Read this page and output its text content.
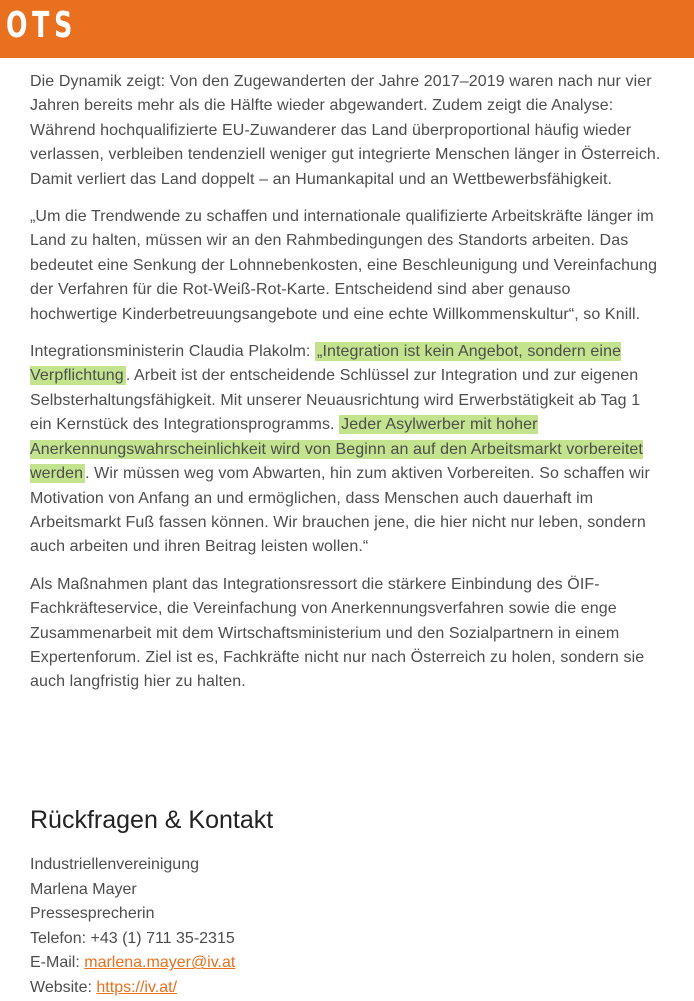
OTS

Die Dynamik zeigt: Von den Zugewanderten der Jahre 2017–2019 waren nach nur vier Jahren bereits mehr als die Hälfte wieder abgewandert. Zudem zeigt die Analyse: Während hochqualifizierte EU-Zuwanderer das Land überproportional häufig wieder verlassen, verbleiben tendenziell weniger gut integrierte Menschen länger in Österreich. Damit verliert das Land doppelt – an Humankapital und an Wettbewerbsfähigkeit.

„Um die Trendwende zu schaffen und internationale qualifizierte Arbeitskräfte länger im Land zu halten, müssen wir an den Rahmbedingungen des Standorts arbeiten. Das bedeutet eine Senkung der Lohnnebenkosten, eine Beschleunigung und Vereinfachung der Verfahren für die Rot-Weiß-Rot-Karte. Entscheidend sind aber genauso hochwertige Kinderbetreuungsangebote und eine echte Willkommenskultur“, so Knill.

Integrationsministerin Claudia Plakolm: „Integration ist kein Angebot, sondern eine Verpflichtung . Arbeit ist der entscheidende Schlüssel zur Integration und zur eigenen Selbsterhaltungsfähigkeit. Mit unserer Neuausrichtung wird Erwerbstätigkeit ab Tag 1 ein Kernstück des Integrationsprogramms. Jeder Asylwerber mit hoher Anerkennungswahrscheinlichkeit wird von Beginn an auf den Arbeitsmarkt vorbereitet werden . Wir müssen weg vom Abwarten, hin zum aktiven Vorbereiten. So schaffen wir Motivation von Anfang an und ermöglichen, dass Menschen auch dauerhaft im Arbeitsmarkt Fuß fassen können. Wir brauchen jene, die hier nicht nur leben, sondern auch arbeiten und ihren Beitrag leisten wollen.“

Als Maßnahmen plant das Integrationsressort die stärkere Einbindung des ÖIF-Fachkräfteservice, die Vereinfachung von Anerkennungsverfahren sowie die enge Zusammenarbeit mit dem Wirtschaftsministerium und den Sozialpartnern in einem Expertenforum. Ziel ist es, Fachkräfte nicht nur nach Österreich zu holen, sondern sie auch langfristig hier zu halten.

Rückfragen & Kontakt
Industriellenvereinigung
Marlena Mayer
Pressesprecherin
Telefon: +43 (1) 711 35-2315
E-Mail: marlena.mayer@iv.at
Website: https://iv.at/
